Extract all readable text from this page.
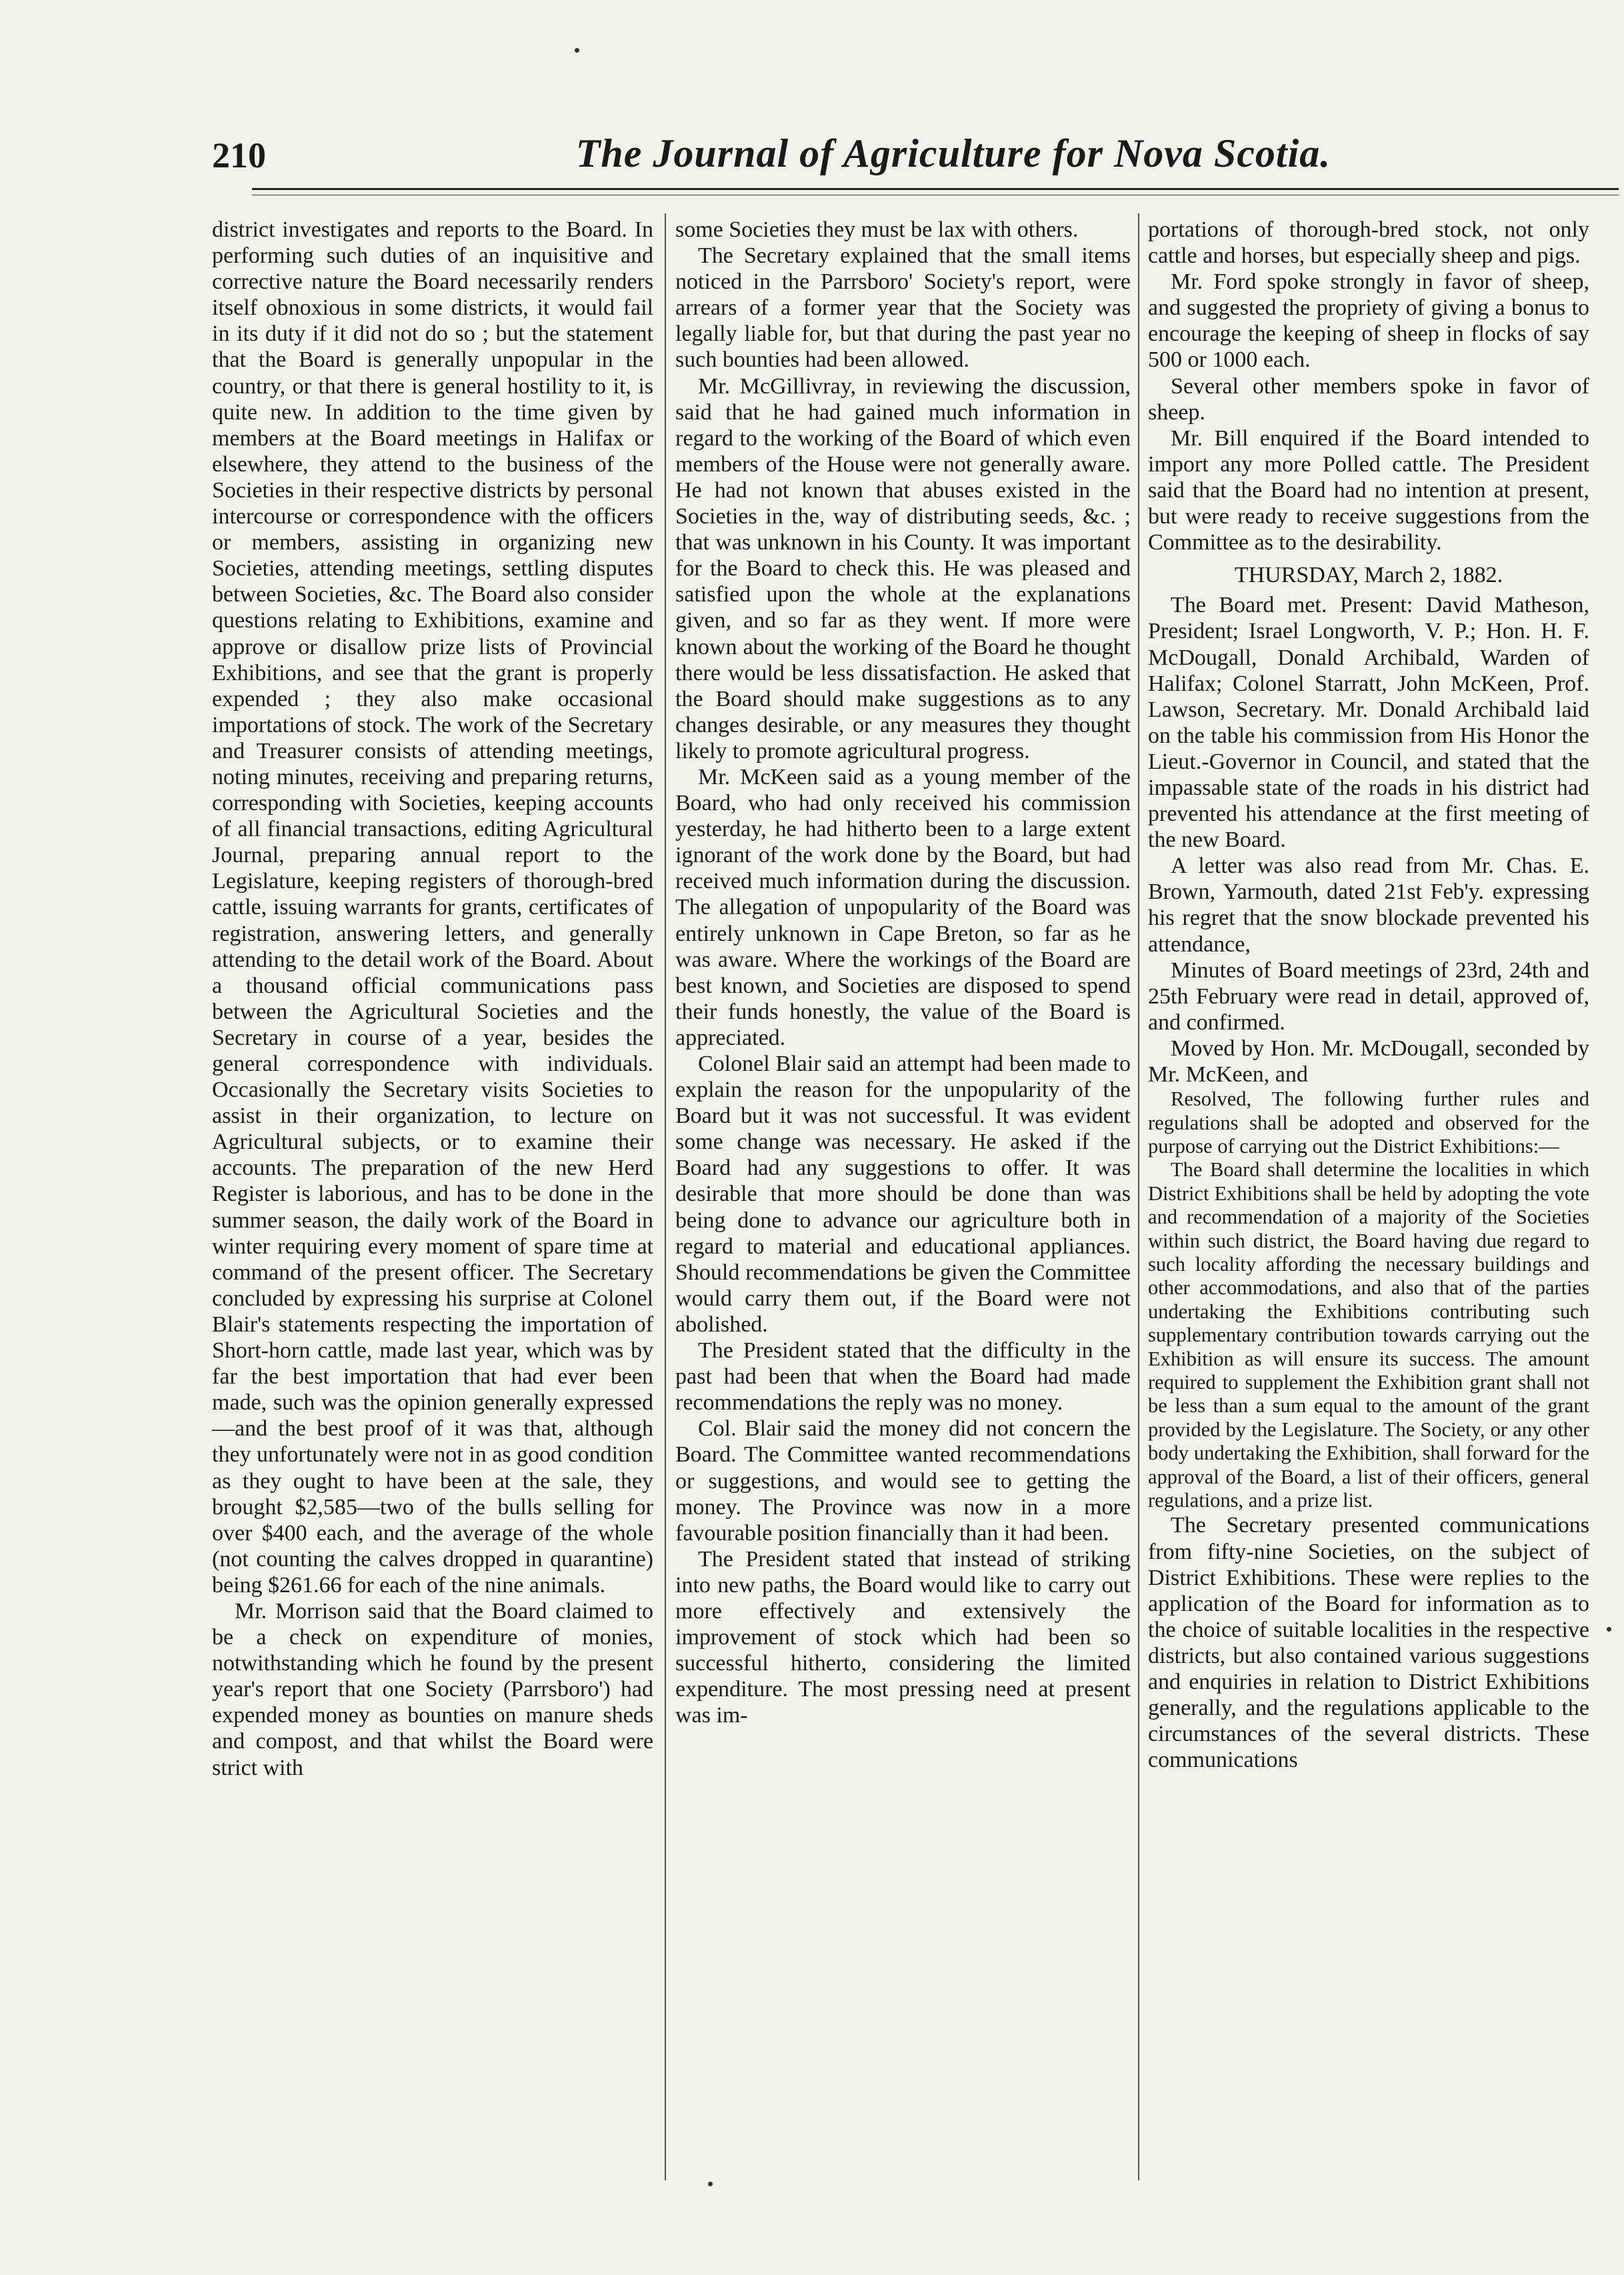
210	The Journal of Agriculture for Nova Scotia.

district investigates and reports to the Board. In performing such duties of an inquisitive and corrective nature the Board necessarily renders itself obnoxious in some districts, it would fail in its duty if it did not do so ; but the statement that the Board is generally unpopular in the country, or that there is general hostility to it, is quite new. In addition to the time given by members at the Board meetings in Halifax or elsewhere, they attend to the business of the Societies in their respective districts by personal intercourse or correspondence with the officers or members, assisting in organizing new Societies, attending meetings, settling disputes between Societies, &c. The Board also consider questions relating to Exhibitions, examine and approve or disallow prize lists of Provincial Exhibitions, and see that the grant is properly expended ; they also make occasional importations of stock. The work of the Secretary and Treasurer consists of attending meetings, noting minutes, receiving and preparing returns, corresponding with Societies, keeping accounts of all financial transactions, editing Agricultural Journal, preparing annual report to the Legislature, keeping registers of thorough-bred cattle, issuing warrants for grants, certificates of registration, answering letters, and generally attending to the detail work of the Board. About a thousand official communications pass between the Agricultural Societies and the Secretary in course of a year, besides the general correspondence with individuals. Occasionally the Secretary visits Societies to assist in their organization, to lecture on Agricultural subjects, or to examine their accounts. The preparation of the new Herd Register is laborious, and has to be done in the summer season, the daily work of the Board in winter requiring every moment of spare time at command of the present officer. The Secretary concluded by expressing his surprise at Colonel Blair's statements respecting the importation of Short-horn cattle, made last year, which was by far the best importation that had ever been made, such was the opinion generally expressed—and the best proof of it was that, although they unfortunately were not in as good condition as they ought to have been at the sale, they brought $2,585—two of the bulls selling for over $400 each, and the average of the whole (not counting the calves dropped in quarantine) being $261.66 for each of the nine animals.

Mr. Morrison said that the Board claimed to be a check on expenditure of monies, notwithstanding which he found by the present year's report that one Society (Parrsboro') had expended money as bounties on manure sheds and compost, and that whilst the Board were strict with

some Societies they must be lax with others.

The Secretary explained that the small items noticed in the Parrsboro' Society's report, were arrears of a former year that the Society was legally liable for, but that during the past year no such bounties had been allowed.

Mr. McGillivray, in reviewing the discussion, said that he had gained much information in regard to the working of the Board of which even members of the House were not generally aware. He had not known that abuses existed in the Societies in the, way of distributing seeds, &c. ; that was unknown in his County. It was important for the Board to check this. He was pleased and satisfied upon the whole at the explanations given, and so far as they went. If more were known about the working of the Board he thought there would be less dissatisfaction. He asked that the Board should make suggestions as to any changes desirable, or any measures they thought likely to promote agricultural progress.

Mr. McKeen said as a young member of the Board, who had only received his commission yesterday, he had hitherto been to a large extent ignorant of the work done by the Board, but had received much information during the discussion. The allegation of unpopularity of the Board was entirely unknown in Cape Breton, so far as he was aware. Where the workings of the Board are best known, and Societies are disposed to spend their funds honestly, the value of the Board is appreciated.

Colonel Blair said an attempt had been made to explain the reason for the unpopularity of the Board but it was not successful. It was evident some change was necessary. He asked if the Board had any suggestions to offer. It was desirable that more should be done than was being done to advance our agriculture both in regard to material and educational appliances. Should recommendations be given the Committee would carry them out, if the Board were not abolished.

The President stated that the difficulty in the past had been that when the Board had made recommendations the reply was no money.

Col. Blair said the money did not concern the Board. The Committee wanted recommendations or suggestions, and would see to getting the money. The Province was now in a more favourable position financially than it had been.

The President stated that instead of striking into new paths, the Board would like to carry out more effectively and extensively the improvement of stock which had been so successful hitherto, considering the limited expenditure. The most pressing need at present was im-

portations of thorough-bred stock, not only cattle and horses, but especially sheep and pigs.

Mr. Ford spoke strongly in favor of sheep, and suggested the propriety of giving a bonus to encourage the keeping of sheep in flocks of say 500 or 1000 each.

Several other members spoke in favor of sheep.

Mr. Bill enquired if the Board intended to import any more Polled cattle. The President said that the Board had no intention at present, but were ready to receive suggestions from the Committee as to the desirability.

THURSDAY, March 2, 1882.

The Board met. Present: David Matheson, President; Israel Longworth, V. P.; Hon. H. F. McDougall, Donald Archibald, Warden of Halifax; Colonel Starratt, John McKeen, Prof. Lawson, Secretary. Mr. Donald Archibald laid on the table his commission from His Honor the Lieut.-Governor in Council, and stated that the impassable state of the roads in his district had prevented his attendance at the first meeting of the new Board.

A letter was also read from Mr. Chas. E. Brown, Yarmouth, dated 21st Feb'y. expressing his regret that the snow blockade prevented his attendance,

Minutes of Board meetings of 23rd, 24th and 25th February were read in detail, approved of, and confirmed.

Moved by Hon. Mr. McDougall, seconded by Mr. McKeen, and

Resolved, The following further rules and regulations shall be adopted and observed for the purpose of carrying out the District Exhibitions:—

The Board shall determine the localities in which District Exhibitions shall be held by adopting the vote and recommendation of a majority of the Societies within such district, the Board having due regard to such locality affording the necessary buildings and other accommodations, and also that of the parties undertaking the Exhibitions contributing such supplementary contribution towards carrying out the Exhibition as will ensure its success. The amount required to supplement the Exhibition grant shall not be less than a sum equal to the amount of the grant provided by the Legislature. The Society, or any other body undertaking the Exhibition, shall forward for the approval of the Board, a list of their officers, general regulations, and a prize list.

The Secretary presented communications from fifty-nine Societies, on the subject of District Exhibitions. These were replies to the application of the Board for information as to the choice of suitable localities in the respective districts, but also contained various suggestions and enquiries in relation to District Exhibitions generally, and the regulations applicable to the circumstances of the several districts. These communications
